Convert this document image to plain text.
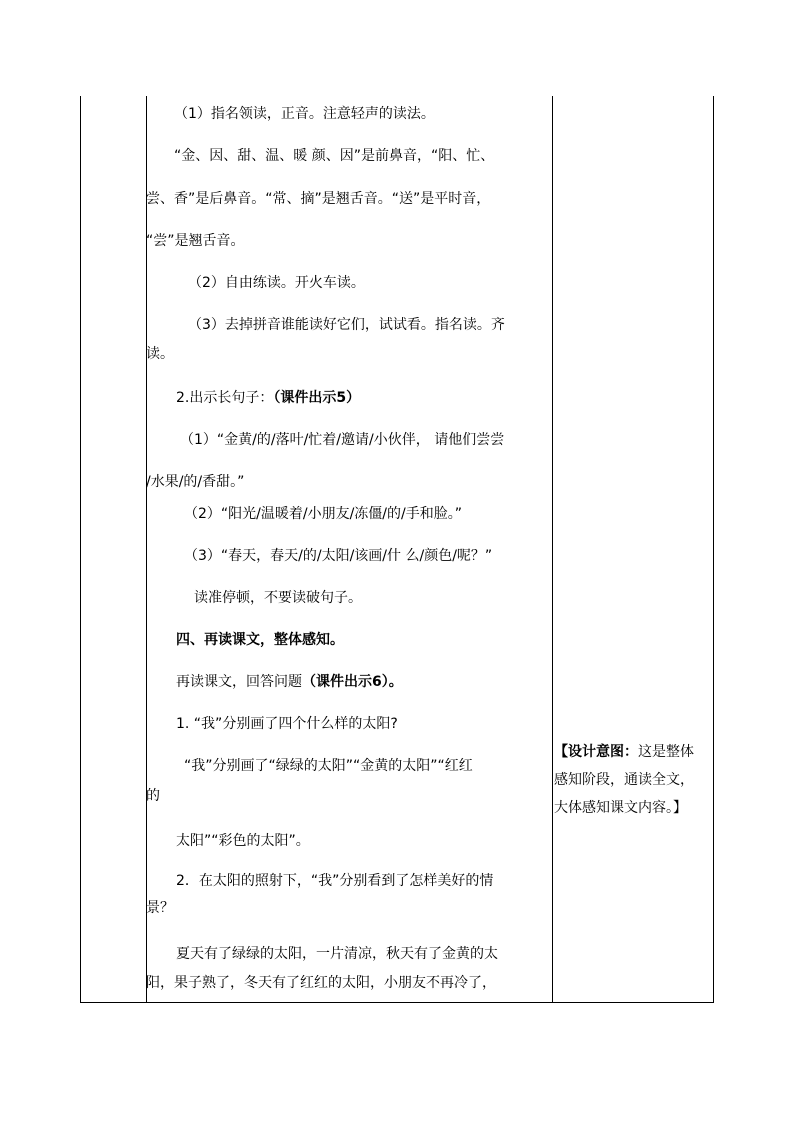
（1）指名领读，正音。注意轻声的读法。
“金、因、甜、温、暖 颜、因”是前鼻音，“阳、忙、
尝、香”是后鼻音。“常、摘”是翘舌音。“送”是平时音，
“尝”是翘舌音。
（2）自由练读。开火车读。
（3）去掉拼音谁能读好它们，试试看。指名读。齐
读。
2.出示长句子：（课件出示5）
（1）“金黄/的/落叶/忙着/邀请/小伙伴， 请他们尝尝
/水果/的/香甜。”
（2）“阳光/温暖着/小朋友/冻僵/的/手和脸。”
（3）“春天，春天/的/太阳/该画/什 么/颜色/呢？”
读准停顿，不要读破句子。
四、再读课文，整体感知。
再读课文，回答问题（课件出示6）。
1. “我”分别画了四个什么样的太阳?
“我”分别画了“绿绿的太阳”“金黄的太阳”“红红
的
太阳”“彩色的太阳”。
2．在太阳的照射下，“我”分别看到了怎样美好的情
景？
夏天有了绿绿的太阳，一片清凉，秋天有了金黄的太
阳，果子熟了，冬天有了红红的太阳，小朋友不再冷了，
【设计意图：这是整体
感知阶段，通读全文，
大体感知课文内容。】
